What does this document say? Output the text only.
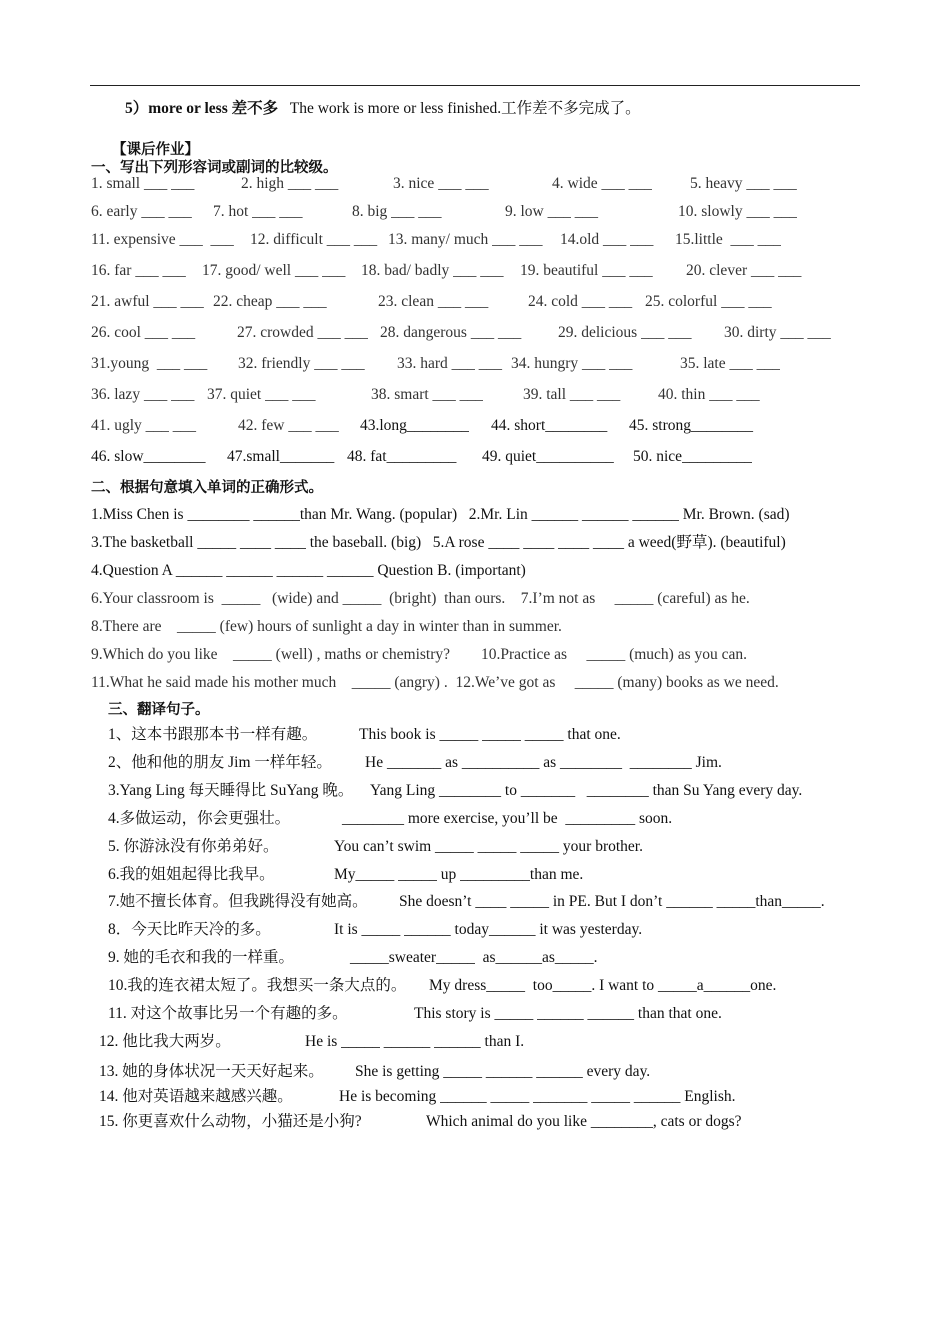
5）more or less 差不多 The work is more or less finished.工作差不多完成了。
【课后作业】
一、写出下列形容词或副词的比较级。
1. small ___ ___	2. high ___ ___	3. nice ___ ___	4. wide ___ ___ 5. heavy ___ ___
6. early ___ ___ 7. hot ___ ___	8. big ___ ___	9. low ___ ___	10. slowly ___ ___
11. expensive ___  ___ 12. difficult ___ ___ 13. many/ much ___ ___ 14.old ___ ___ 15.little  ___ ___
16. far ___ ___ 17. good/ well ___ ___ 18. bad/ badly ___ ___ 19. beautiful ___ ___ 20. clever ___ ___
21. awful ___ ___ 22. cheap ___ ___	23. clean ___ ___	24. cold ___ ___ 25. colorful ___ ___
26. cool ___ ___	27. crowded ___ ___ 28. dangerous ___ ___ 29. delicious ___ ___ 30. dirty ___ ___
31.young  ___ ___ 32. friendly ___ ___ 33. hard ___ ___ 34. hungry ___ ___	35. late ___ ___
36. lazy ___ ___ 37. quiet ___ ___	38. smart ___ ___	39. tall ___ ___ 40. thin ___ ___
41. ugly ___ ___	42. few ___ ___ 43.long________ 44. short________ 45. strong________
46. slow________ 47.small_______ 48. fat_________ 49. quiet__________ 50. nice_________
二、根据句意填入单词的正确形式。
1.Miss Chen is ________ ______than Mr. Wang. (popular)   2.Mr. Lin ______ ______ ______ Mr. Brown. (sad)
3.The basketball _____ ____ ____ the baseball. (big)   5.A rose ____ ____ ____ ____ a weed(野草). (beautiful)
4.Question A ______ ______ ______ ______ Question B. (important)
6.Your classroom is  _____   (wide) and _____  (bright)  than ours.    7.I’m not as     _____ (careful) as he.
8.There are    _____ (few) hours of sunlight a day in winter than in summer.
9.Which do you like    _____ (well) , maths or chemistry?        10.Practice as     _____ (much) as you can.
11.What he said made his mother much    _____ (angry) .  12.We’ve got as     _____ (many) books as we need.
三、翻译句子。
1、这本书跟那本书一样有趣。	This book is _____ _____ _____ that one.
2、他和他的朋友 Jim 一样年轻。 He _______ as __________ as ________  ________ Jim.
3.Yang Ling 每天睡得比 SuYang 晚。 Yang Ling ________ to _______   ________ than Su Yang every day.
4.多做运动，你会更强壮。	________ more exercise, you’ll be  _________ soon.
5. 你游泳没有你弟弟好。	You can’t swim _____ _____ _____ your brother.
6.我的姐姐起得比我早。	My_____ _____ up _________than me.
7.她不擅长体育。但我跳得没有她高。 She doesn’t ____ _____ in PE. But I don’t ______ _____than_____.
8．今天比昨天冷的多。	It is _____ ______ today______ it was yesterday.
9. 她的毛衣和我的一样重。	_____sweater_____  as______as_____.
10.我的连衣裙太短了。我想买一条大点的。 My dress_____  too_____. I want to _____a______one.
11. 对这个故事比另一个有趣的多。	This story is _____ ______ ______ than that one.
12. 他比我大两岁。	He is _____ ______ ______ than I.
13. 她的身体状况一天天好起来。 She is getting _____ ______ ______ every day.
14. 他对英语越来越感兴趣。	He is becoming ______ _____ _______ _____ ______ English.
15. 你更喜欢什么动物，小猫还是小狗?	Which animal do you like ________, cats or dogs?
